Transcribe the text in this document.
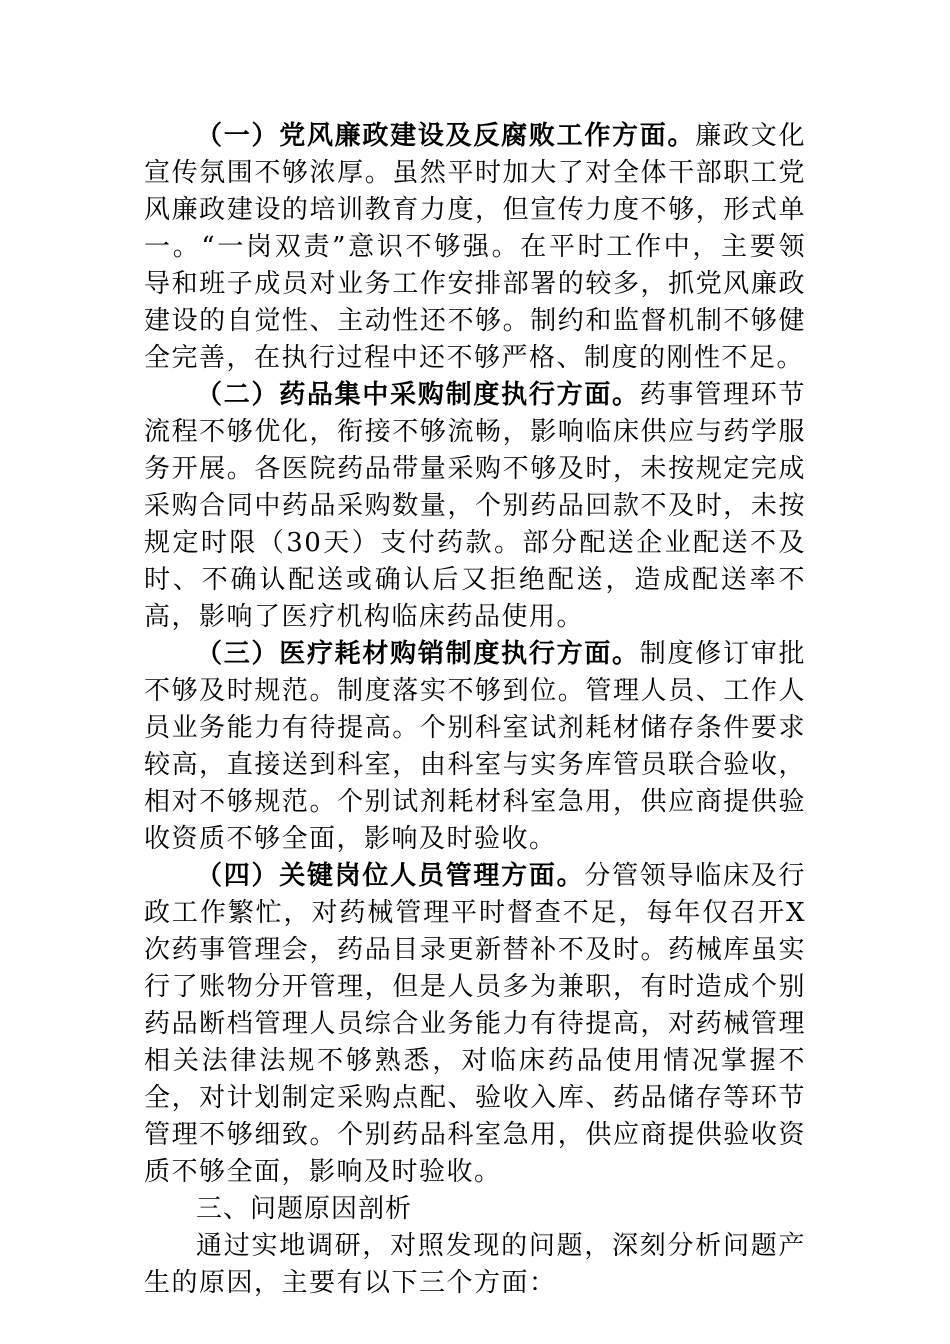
（一）党风廉政建设及反腐败工作方面。廉政文化宣传氛围不够浓厚。虽然平时加大了对全体干部职工党风廉政建设的培训教育力度，但宣传力度不够，形式单一。“一岗双责”意识不够强。在平时工作中，主要领导和班子成员对业务工作安排部署的较多，抓党风廉政建设的自觉性、主动性还不够。制约和监督机制不够健全完善，在执行过程中还不够严格、制度的刚性不足。

（二）药品集中采购制度执行方面。药事管理环节流程不够优化，衔接不够流畅，影响临床供应与药学服务开展。各医院药品带量采购不够及时，未按规定完成采购合同中药品采购数量，个别药品回款不及时，未按规定时限（30天）支付药款。部分配送企业配送不及时、不确认配送或确认后又拒绝配送，造成配送率不高，影响了医疗机构临床药品使用。

（三）医疗耗材购销制度执行方面。制度修订审批不够及时规范。制度落实不够到位。管理人员、工作人员业务能力有待提高。个别科室试剂耗材储存条件要求较高，直接送到科室，由科室与实务库管员联合验收，相对不够规范。个别试剂耗材科室急用，供应商提供验收资质不够全面，影响及时验收。

（四）关键岗位人员管理方面。分管领导临床及行政工作繁忙，对药械管理平时督查不足，每年仅召开X次药事管理会，药品目录更新替补不及时。药械库虽实行了账物分开管理，但是人员多为兼职，有时造成个别药品断档管理人员综合业务能力有待提高，对药械管理相关法律法规不够熟悉，对临床药品使用情况掌握不全，对计划制定采购点配、验收入库、药品储存等环节管理不够细致。个别药品科室急用，供应商提供验收资质不够全面，影响及时验收。

三、问题原因剖析

通过实地调研，对照发现的问题，深刻分析问题产生的原因，主要有以下三个方面：
